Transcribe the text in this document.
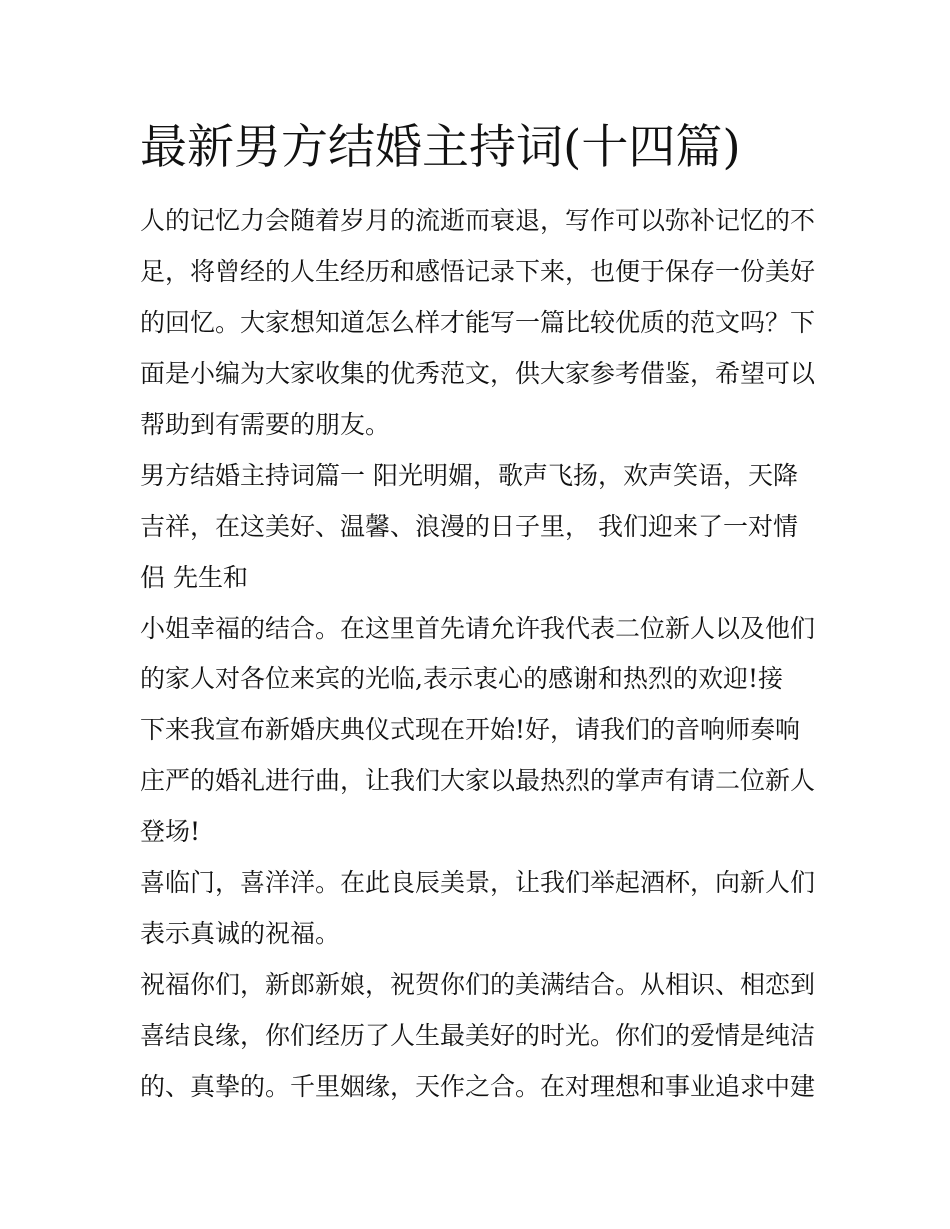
最新男方结婚主持词(十四篇)
人的记忆力会随着岁月的流逝而衰退，写作可以弥补记忆的不
足，将曾经的人生经历和感悟记录下来，也便于保存一份美好
的回忆。大家想知道怎么样才能写一篇比较优质的范文吗？下
面是小编为大家收集的优秀范文，供大家参考借鉴，希望可以
帮助到有需要的朋友。
男方结婚主持词篇一 阳光明媚，歌声飞扬，欢声笑语，天降
吉祥，在这美好、温馨、浪漫的日子里， 我们迎来了一对情
侣 先生和
小姐幸福的结合。在这里首先请允许我代表二位新人以及他们
的家人对各位来宾的光临,表示衷心的感谢和热烈的欢迎!接
下来我宣布新婚庆典仪式现在开始!好，请我们的音响师奏响
庄严的婚礼进行曲，让我们大家以最热烈的掌声有请二位新人
登场!
喜临门，喜洋洋。在此良辰美景，让我们举起酒杯，向新人们
表示真诚的祝福。
祝福你们，新郎新娘，祝贺你们的美满结合。从相识、相恋到
喜结良缘，你们经历了人生最美好的时光。你们的爱情是纯洁
的、真挚的。千里姻缘，天作之合。在对理想和事业追求中建
